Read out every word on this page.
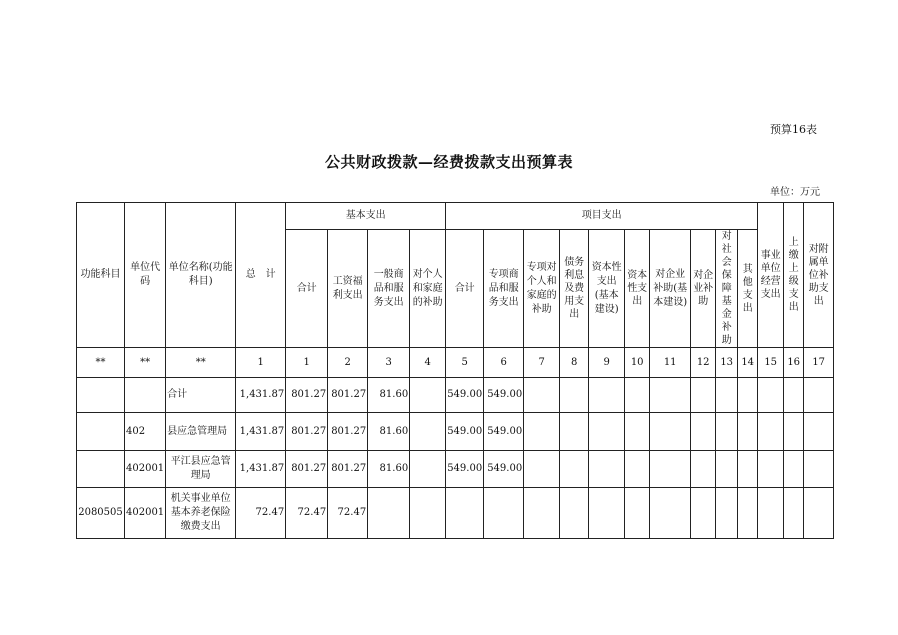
预算16表
公共财政拨款—经费拨款支出预算表
单位：万元
功能科目	单位代码	单位名称(功能科目)	总　计	基本支出				项目支出										事业单位经营支出	上缴上级支出	对附属单位补助支出
				合计	工资福利支出	一般商品和服务支出	对个人和家庭的补助	合计	专项商品和服务支出	专项对个人和家庭的补助	债务利息及费用支出	资本性支出(基本建设)	资本性支出	对企业补助(基本建设)	对企业补助	对社会保障基金补助	其他支出			
**	**	**	1	1	2	3	4	5	6	7	8	9	10	11	12	13	14	15	16	17
		合计	1,431.87	801.27	801.27	81.60		549.00	549.00											
	402	县应急管理局	1,431.87	801.27	801.27	81.60		549.00	549.00											
	402001	平江县应急管理局	1,431.87	801.27	801.27	81.60		549.00	549.00											
2080505	402001	机关事业单位基本养老保险缴费支出	72.47	72.47	72.47															
